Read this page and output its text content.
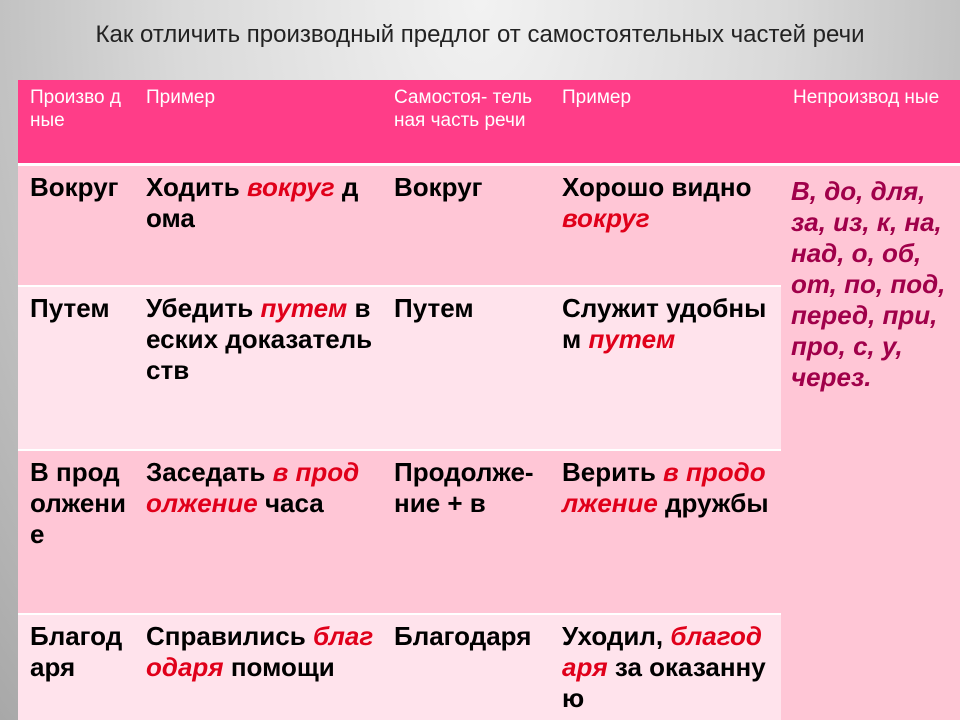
Как отличить производный предлог от самостоятельных частей речи
Произво дные	Пример	Самостоя- тельная часть речи	Пример	Непроизвод ные
Вокруг	Ходить вокруг дома	Вокруг	Хорошо видно вокруг	В, до, для, за, из, к, на, над, о, об, от, по, под, перед, при, про, с, у, через.
Путем	Убедить путем веских доказательств	Путем	Служит удобным путем	
В продолжение	Заседать в продолжение часа	Продолже- ние + в	Верить в продолжение дружбы	
Благодаря	Справились благодаря помощи	Благодаря	Уходил, благодаря за оказанную	
